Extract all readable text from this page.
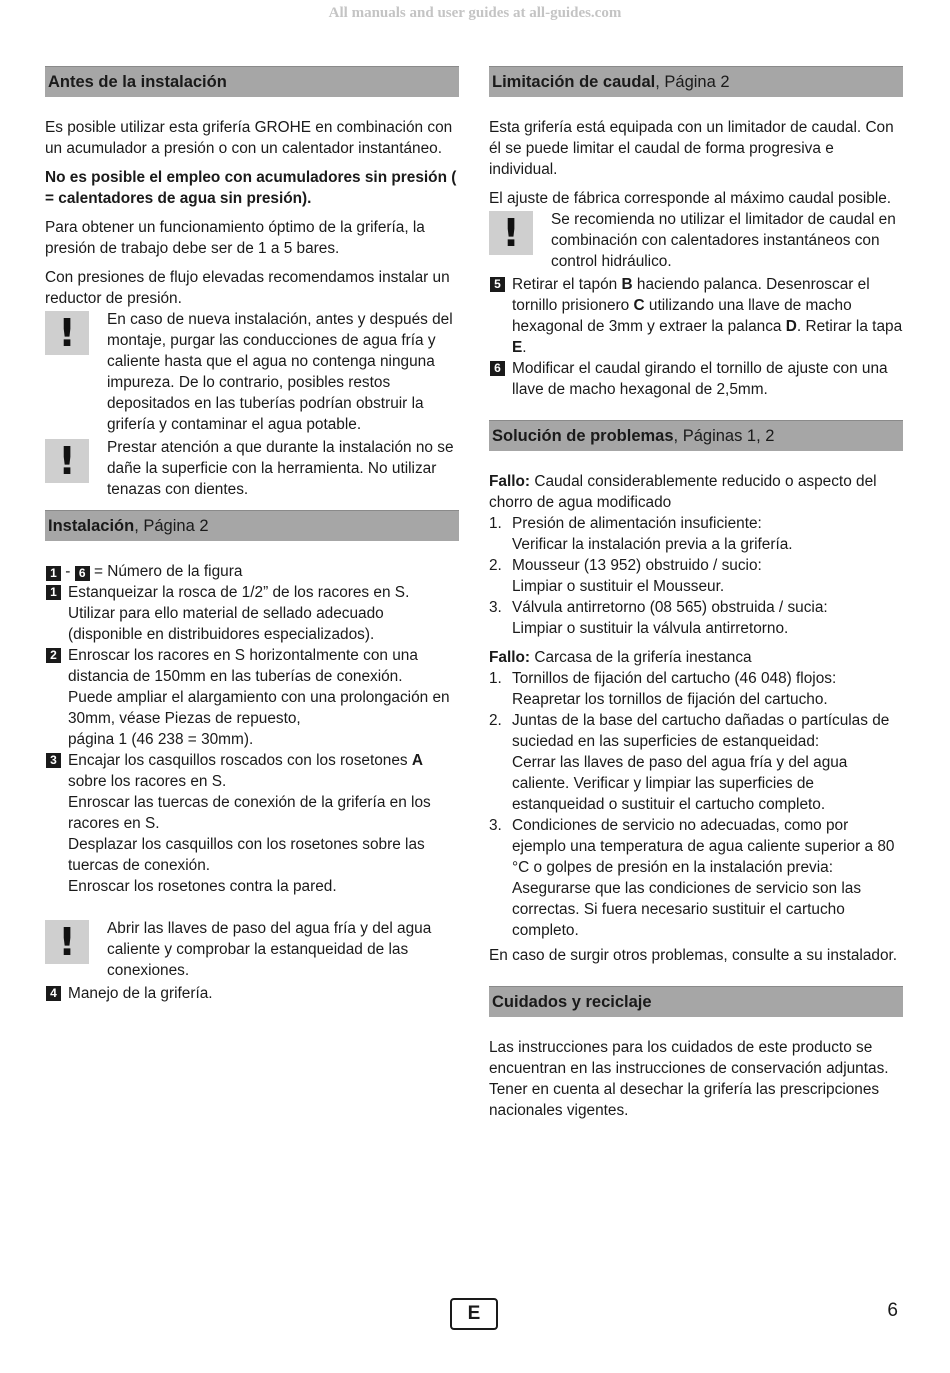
All manuals and user guides at all-guides.com
Antes de la instalación

Es posible utilizar esta grifería GROHE en combinación con un acumulador a presión o con un calentador instantáneo.

No es posible el empleo con acumuladores sin presión ( = calentadores de agua sin presión).

Para obtener un funcionamiento óptimo de la grifería, la presión de trabajo debe ser de 1 a 5 bares.

Con presiones de flujo elevadas recomendamos instalar un reductor de presión.

!	En caso de nueva instalación, antes y después del montaje, purgar las conducciones de agua fría y caliente hasta que el agua no contenga ninguna impureza. De lo contrario, posibles restos depositados en las tuberías podrían obstruir la grifería y contaminar el agua potable.
!	Prestar atención a que durante la instalación no se dañe la superficie con la herramienta. No utilizar tenazas con dientes.
Instalación, Página 2
1 - 6 = Número de la figura
1 Estanqueizar la rosca de 1/2” de los racores en S.
Utilizar para ello material de sellado adecuado (disponible en distribuidores especializados).
2 Enroscar los racores en S horizontalmente con una distancia de 150mm en las tuberías de conexión.
Puede ampliar el alargamiento con una prolongación en 30mm, véase Piezas de repuesto,
página 1 (46 238 = 30mm).
3 Encajar los casquillos roscados con los rosetones A sobre los racores en S.
Enroscar las tuercas de conexión de la grifería en los racores en S.
Desplazar los casquillos con los rosetones sobre las tuercas de conexión.
Enroscar los rosetones contra la pared.
!	Abrir las llaves de paso del agua fría y del agua caliente y comprobar la estanqueidad de las conexiones.
4 Manejo de la grifería.
Limitación de caudal, Página 2

Esta grifería está equipada con un limitador de caudal. Con él se puede limitar el caudal de forma progresiva e individual.

El ajuste de fábrica corresponde al máximo caudal posible.

!	Se recomienda no utilizar el limitador de caudal en combinación con calentadores instantáneos con control hidráulico.
5 Retirar el tapón B haciendo palanca. Desenroscar el tornillo prisionero C utilizando una llave de macho hexagonal de 3mm y extraer la palanca D. Retirar la tapa E.
6 Modificar el caudal girando el tornillo de ajuste con una llave de macho hexagonal de 2,5mm.
Solución de problemas, Páginas 1, 2
Fallo: Caudal considerablemente reducido o aspecto del chorro de agua modificado
1. Presión de alimentación insuficiente:
Verificar la instalación previa a la grifería.
2. Mousseur (13 952) obstruido / sucio:
Limpiar o sustituir el Mousseur.
3. Válvula antirretorno (08 565) obstruida / sucia:
Limpiar o sustituir la válvula antirretorno.
Fallo: Carcasa de la grifería inestanca
1. Tornillos de fijación del cartucho (46 048) flojos:
Reapretar los tornillos de fijación del cartucho.
2. Juntas de la base del cartucho dañadas o partículas de suciedad en las superficies de estanqueidad:
Cerrar las llaves de paso del agua fría y del agua caliente. Verificar y limpiar las superficies de estanqueidad o sustituir el cartucho completo.
3. Condiciones de servicio no adecuadas, como por ejemplo una temperatura de agua caliente superior a 80 °C o golpes de presión en la instalación previa:
Asegurarse que las condiciones de servicio son las correctas. Si fuera necesario sustituir el cartucho completo.

En caso de surgir otros problemas, consulte a su instalador.

Cuidados y reciclaje

Las instrucciones para los cuidados de este producto se encuentran en las instrucciones de conservación adjuntas. Tener en cuenta al desechar la grifería las prescripciones nacionales vigentes.

E	6
